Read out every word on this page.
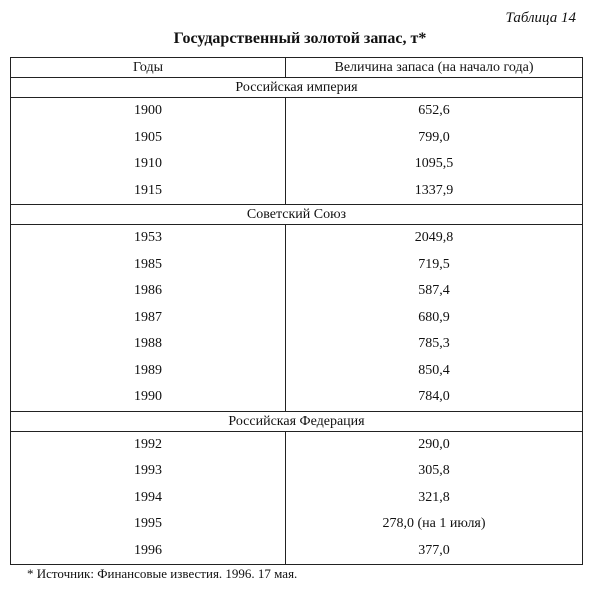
Таблица 14
Государственный золотой запас, т*
Годы	Величина запаса (на начало года)
Российская империя
1900	652,6
1905	799,0
1910	1095,5
1915	1337,9
Советский Союз
1953	2049,8
1985	719,5
1986	587,4
1987	680,9
1988	785,3
1989	850,4
1990	784,0
Российская Федерация
1992	290,0
1993	305,8
1994	321,8
1995	278,0 (на 1 июля)
1996	377,0
* Источник: Финансовые известия. 1996. 17 мая.
